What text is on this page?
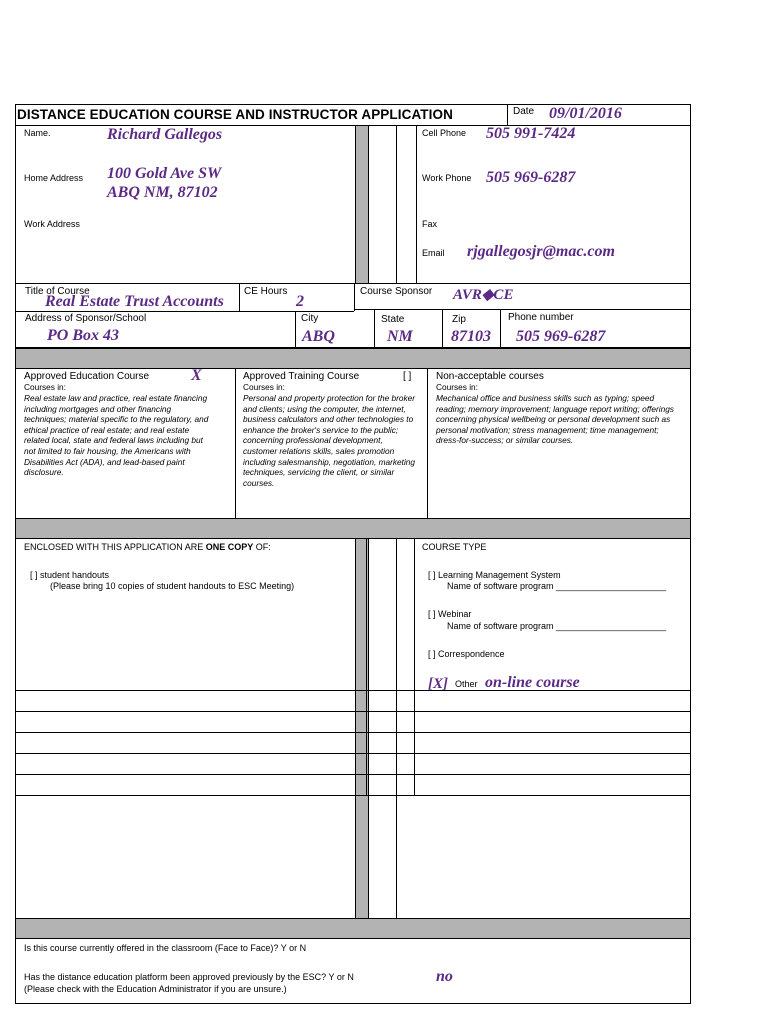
DISTANCE EDUCATION COURSE AND INSTRUCTOR APPLICATION	Date 09/01/2016
Name.	Richard Gallegos
Home Address 100 Gold Ave SW
ABQ NM, 87102
Work Address
Cell Phone 505 991-7424
Work Phone 505 969-6287
Fax
Email rjgallegosjr@mac.com
Title of Course
Real Estate Trust Accounts
CE Hours
2
Course Sponsor AVR◆CE
Address of Sponsor/School
PO Box 43
City
ABQ
State
NM
Zip
87103
Phone number
505 969-6287
Approved Education Course	X
Courses in:
Real estate law and practice, real estate financing including mortgages and other financing techniques; material specific to the regulatory, and ethical practice of real estate; and real estate related local, state and federal laws including but not limited to fair housing, the Americans with Disabilities Act (ADA), and lead-based paint disclosure.
Approved Training Course	[ ]
Courses in:
Personal and property protection for the broker and clients; using the computer, the internet, business calculators and other technologies to enhance the broker's service to the public; concerning professional development, customer relations skills, sales promotion including salesmanship, negotiation, marketing techniques, servicing the client, or similar courses.
Non-acceptable courses
Courses in:
Mechanical office and business skills such as typing; speed reading; memory improvement; language report writing; offerings concerning physical wellbeing or personal development such as personal motivation; stress management; time management; dress-for-success; or similar courses.
ENCLOSED WITH THIS APPLICATION ARE ONE COPY OF:
[ ] student handouts
(Please bring 10 copies of student handouts to ESC Meeting)
COURSE TYPE
[ ] Learning Management System
Name of software program ______________________
[ ] Webinar
Name of software program ______________________
[ ] Correspondence
[X] Other on-line course
Is this course currently offered in the classroom (Face to Face)? Y or N
Has the distance education platform been approved previously by the ESC? Y or N	no
(Please check with the Education Administrator if you are unsure.)
